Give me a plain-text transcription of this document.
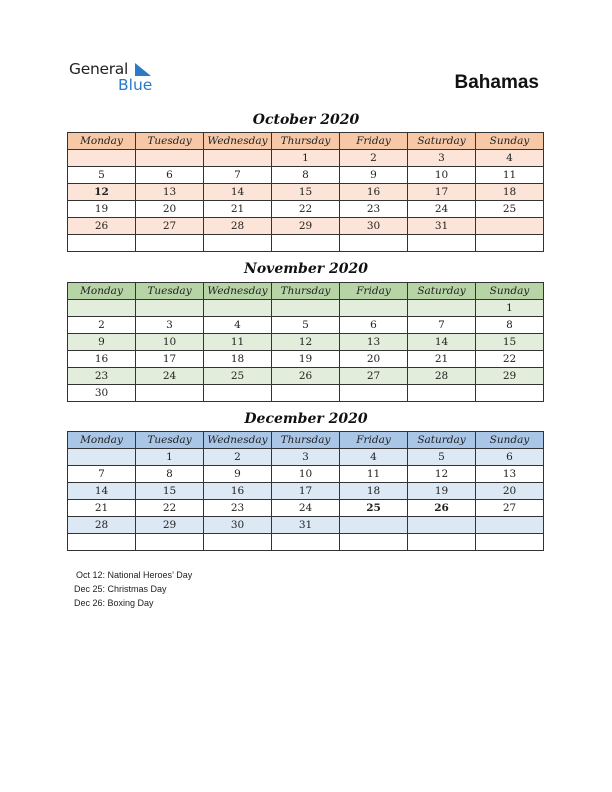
General
Blue	Bahamas
October 2020
Monday	Tuesday	Wednesday	Thursday	Friday	Saturday	Sunday
			1	2	3	4
5	6	7	8	9	10	11
12	13	14	15	16	17	18
19	20	21	22	23	24	25
26	27	28	29	30	31	

November 2020
Monday	Tuesday	Wednesday	Thursday	Friday	Saturday	Sunday
						1
2	3	4	5	6	7	8
9	10	11	12	13	14	15
16	17	18	19	20	21	22
23	24	25	26	27	28	29
30						
December 2020
Monday	Tuesday	Wednesday	Thursday	Friday	Saturday	Sunday
	1	2	3	4	5	6
7	8	9	10	11	12	13
14	15	16	17	18	19	20
21	22	23	24	25	26	27
28	29	30	31			

Oct 12: National Heroes’ Day
Dec 25: Christmas Day
Dec 26: Boxing Day
